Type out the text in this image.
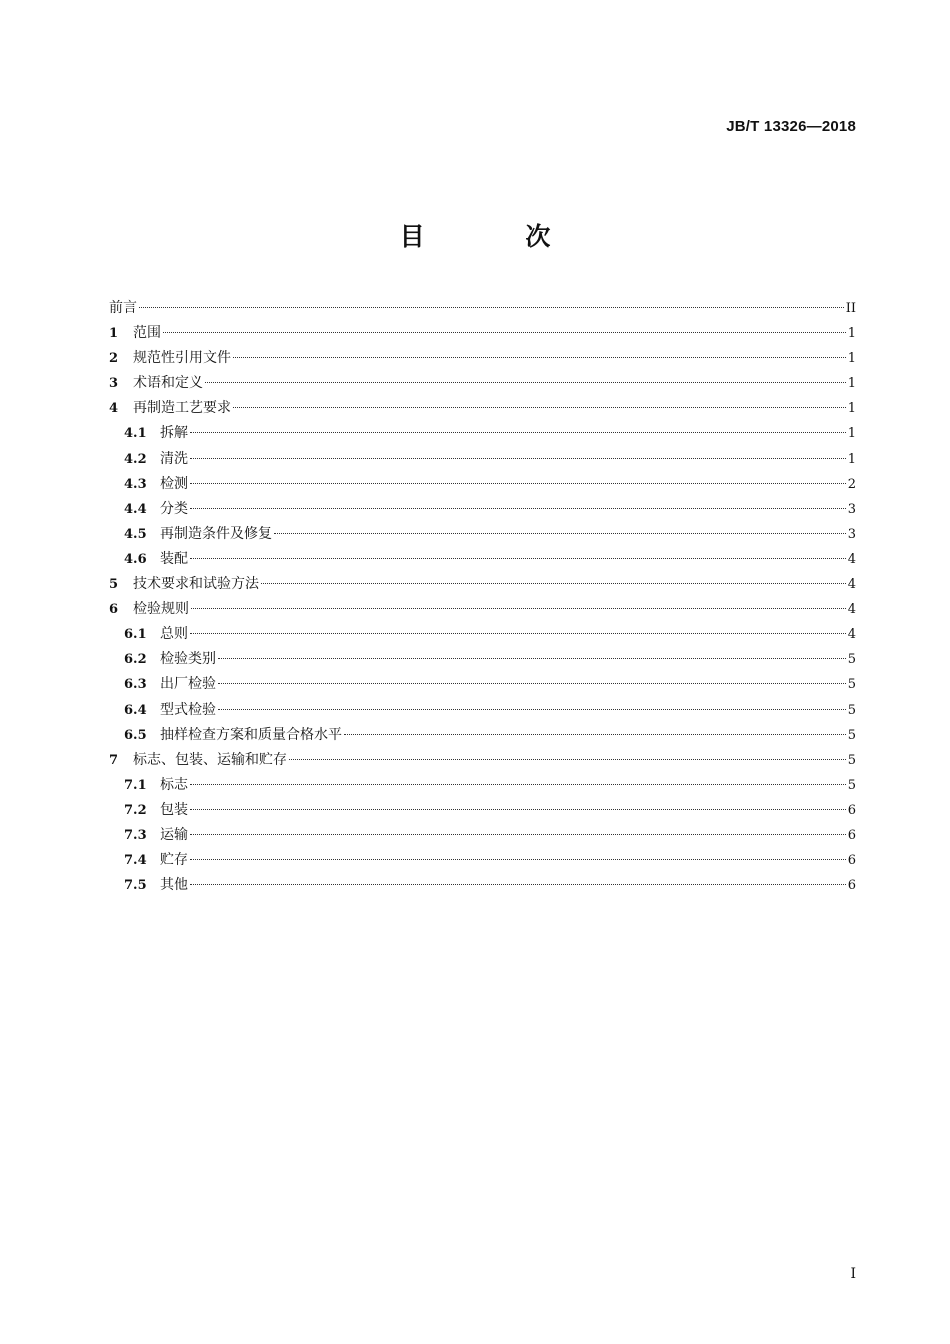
JB/T 13326—2018
目 次
前言	II
1	范围	1
2	规范性引用文件	1
3	术语和定义	1
4	再制造工艺要求	1
4.1 拆解	1
4.2 清洗	1
4.3 检测	2
4.4 分类	3
4.5 再制造条件及修复	3
4.6 装配	4
5	技术要求和试验方法	4
6	检验规则	4
6.1 总则	4
6.2 检验类别	5
6.3 出厂检验	5
6.4 型式检验	5
6.5 抽样检查方案和质量合格水平	5
7	标志、包装、运输和贮存	5
7.1 标志	5
7.2 包装	6
7.3 运输	6
7.4 贮存	6
7.5 其他	6
I
